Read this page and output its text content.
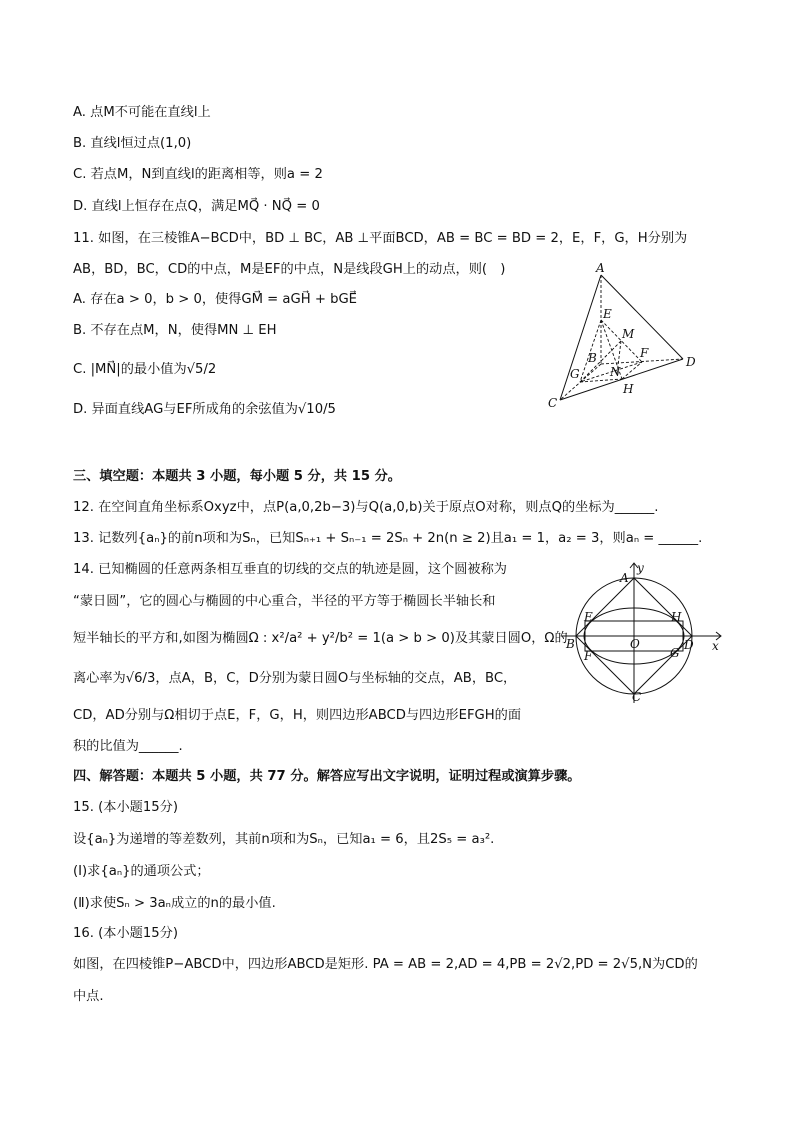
A. 点M不可能在直线l上
B. 直线l恒过点(1,0)
C. 若点M，N到直线l的距离相等，则a = 2
D. 直线l上恒存在点Q，满足MQ⃗ · NQ⃗ = 0
11. 如图，在三棱锥A−BCD中，BD ⊥ BC，AB ⊥平面BCD，AB = BC = BD = 2，E，F，G，H分别为
AB，BD，BC，CD的中点，M是EF的中点，N是线段GH上的动点，则(　)
A. 存在a > 0，b > 0，使得GM⃗ = aGH⃗ + bGE⃗
B. 不存在点M，N，使得MN ⊥ EH
C. |MN⃗|的最小值为√5/2
D. 异面直线AG与EF所成角的余弦值为√10/5
A
B
C
D
E
F
G
H
M
N
三、填空题：本题共 3 小题，每小题 5 分，共 15 分。
12. 在空间直角坐标系Oxyz中，点P(a,0,2b−3)与Q(a,0,b)关于原点O对称，则点Q的坐标为______.
13. 记数列{aₙ}的前n项和为Sₙ，已知Sₙ₊₁ + Sₙ₋₁ = 2Sₙ + 2n(n ≥ 2)且a₁ = 1，a₂ = 3，则aₙ = ______.
14. 已知椭圆的任意两条相互垂直的切线的交点的轨迹是圆，这个圆被称为
“蒙日圆”，它的圆心与椭圆的中心重合，半径的平方等于椭圆长半轴长和
短半轴长的平方和,如图为椭圆Ω : x²/a² + y²/b² = 1(a > b > 0)及其蒙日圆O，Ω的
离心率为√6/3，点A，B，C，D分别为蒙日圆O与坐标轴的交点，AB，BC，
CD，AD分别与Ω相切于点E，F，G，H，则四边形ABCD与四边形EFGH的面
积的比值为______.
A
B
C
D
E
F	G
H
O	x
y
四、解答题：本题共 5 小题，共 77 分。解答应写出文字说明，证明过程或演算步骤。
15. (本小题15分)
设{aₙ}为递增的等差数列，其前n项和为Sₙ，已知a₁ = 6，且2S₅ = a₃².
(Ⅰ)求{aₙ}的通项公式；
(Ⅱ)求使Sₙ > 3aₙ成立的n的最小值.
16. (本小题15分)
如图，在四棱锥P−ABCD中，四边形ABCD是矩形. PA = AB = 2,AD = 4,PB = 2√2,PD = 2√5,N为CD的
中点.
